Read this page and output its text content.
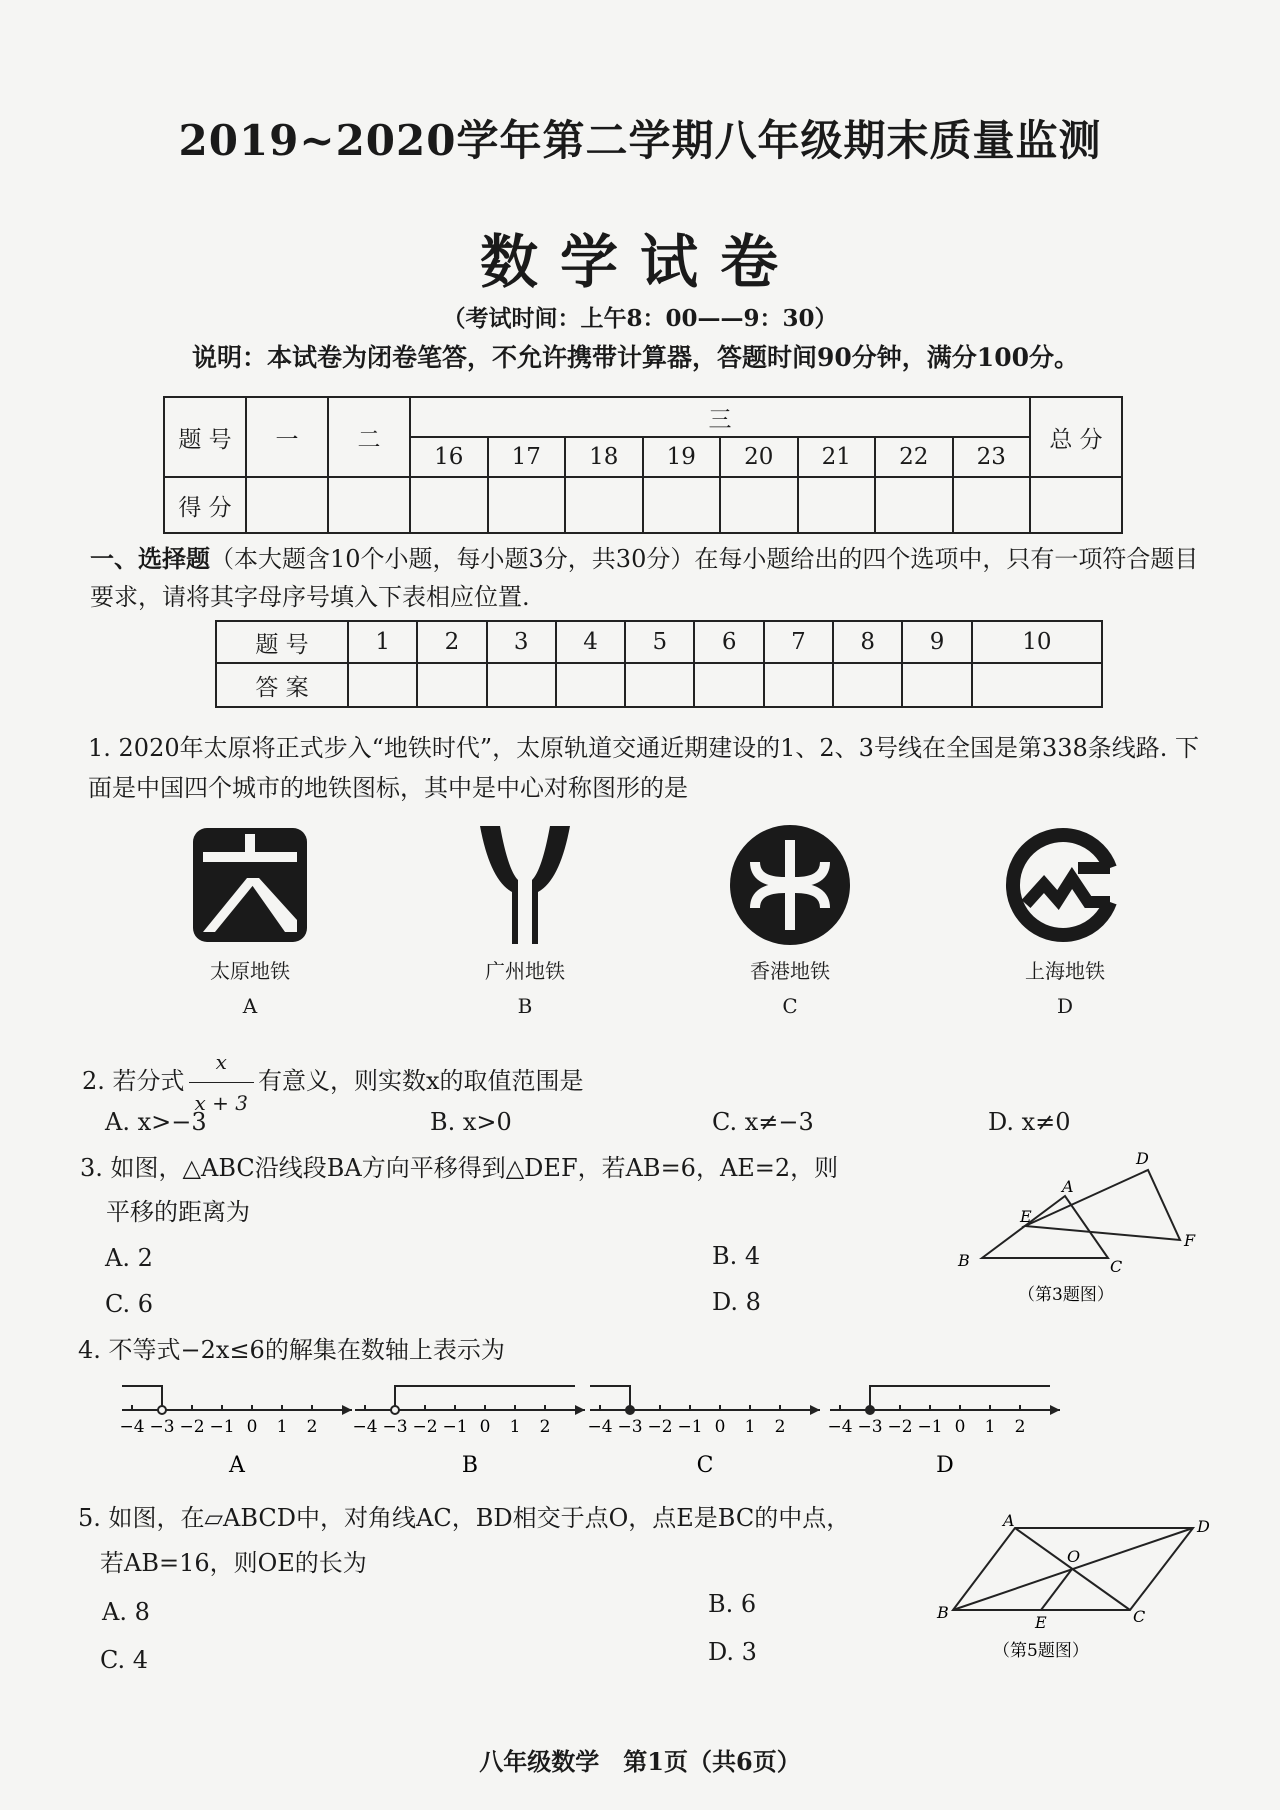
2019~2020学年第二学期八年级期末质量监测
数学试卷
（考试时间：上午8：00——9：30）
说明：本试卷为闭卷笔答，不允许携带计算器，答题时间90分钟，满分100分。
题 号	一	二	三								总 分
			16	17	18	19	20	21	22	23	
得 分											
一、选择题（本大题含10个小题，每小题3分，共30分）在每小题给出的四个选项中，只有一项符合题目要求，请将其字母序号填入下表相应位置.
题 号	1	2	3	4	5	6	7	8	9	10
答 案										
1. 2020年太原将正式步入“地铁时代”，太原轨道交通近期建设的1、2、3号线在全国是第338条线路. 下面是中国四个城市的地铁图标，其中是中心对称图形的是
太原地铁
A
广州地铁
B
香港地铁
C
上海地铁
D
2. 若分式 $\frac{x}{x + 3}$ 有意义，则实数x的取值范围是
A. x>−3	B. x>0	C. x≠−3	D. x≠0
3. 如图，△ABC沿线段BA方向平移得到△DEF，若AB=6，AE=2，则
平移的距离为
A. 2	B. 4
C. 6	D. 8
D
A
E
F
B	C
（第3题图）
4. 不等式−2x≤6的解集在数轴上表示为
−4 −3 −2 −1 0 1 2
A
−4 −3 −2 −1 0 1 2
B
−4 −3 −2 −1 0 1 2
C
−4 −3 −2 −1 0 1 2
D
5. 如图，在▱ABCD中，对角线AC，BD相交于点O，点E是BC的中点，
若AB=16，则OE的长为
A. 8	B. 6
C. 4	D. 3
A	D
O
B
E	C
（第5题图）
八年级数学　第1页（共6页）
